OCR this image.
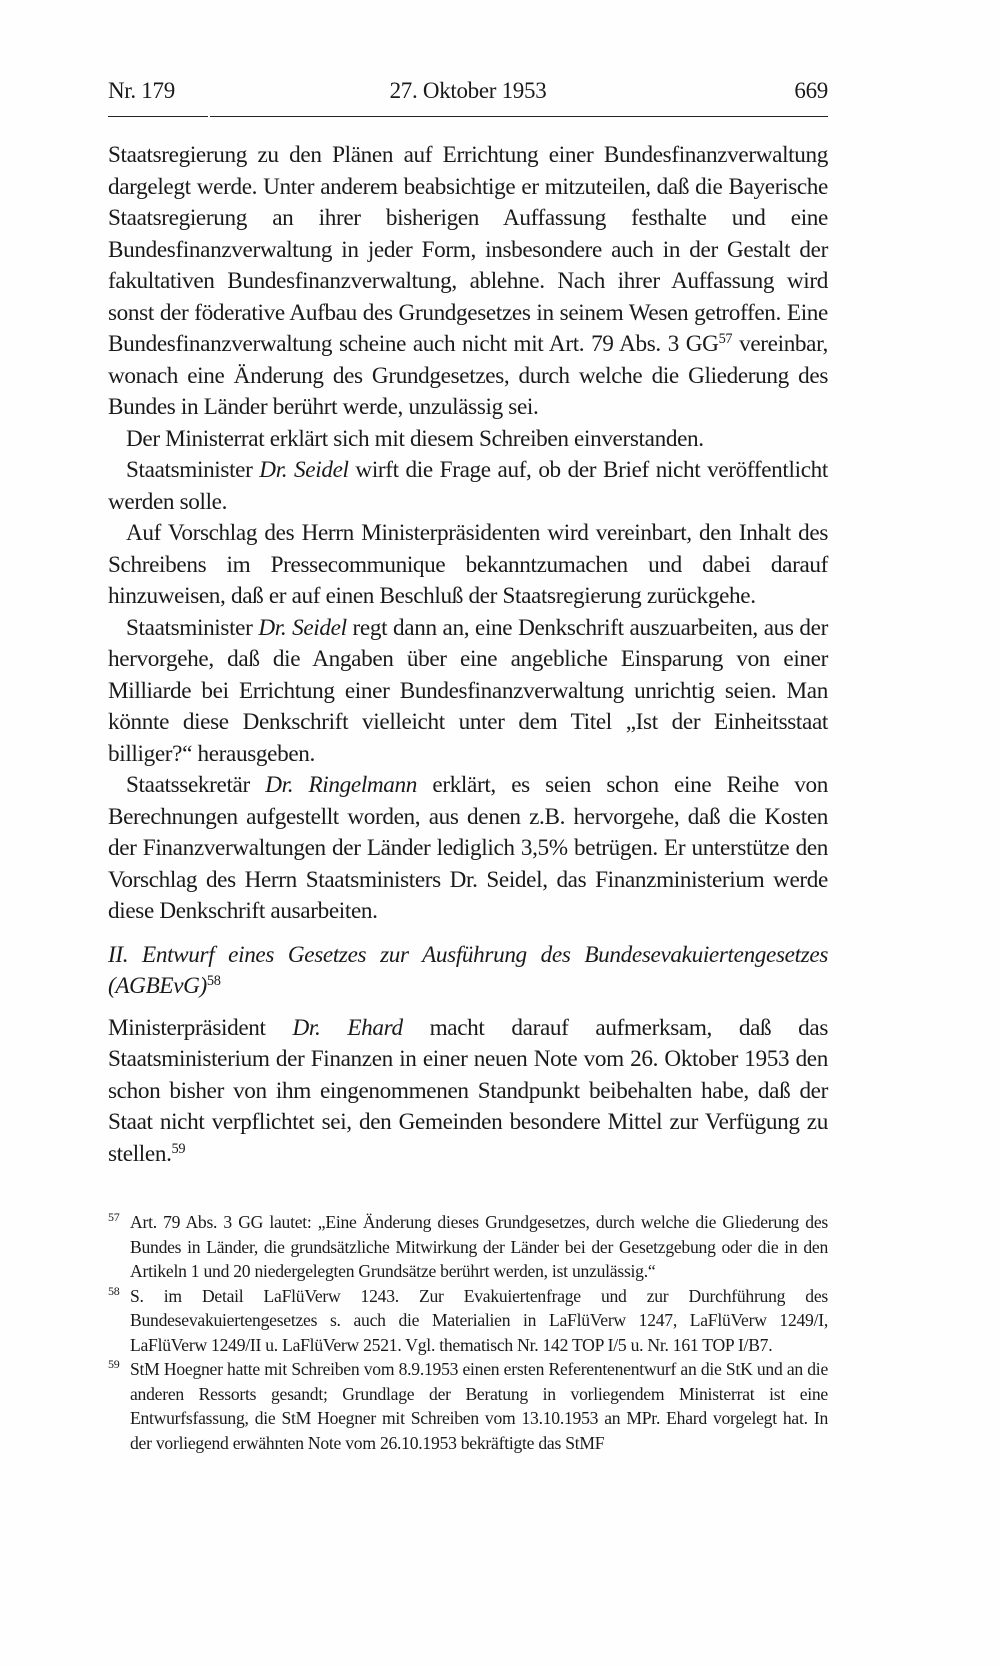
Nr. 179	27. Oktober 1953	669

Staatsregierung zu den Plänen auf Errichtung einer Bundesfinanzverwaltung dargelegt werde. Unter anderem beabsichtige er mitzuteilen, daß die Bayerische Staatsregierung an ihrer bisherigen Auffassung festhalte und eine Bundesfinanzverwaltung in jeder Form, insbesondere auch in der Gestalt der fakultativen Bundesfinanzverwaltung, ablehne. Nach ihrer Auffassung wird sonst der föderative Aufbau des Grundgesetzes in seinem Wesen getroffen. Eine Bundesfinanzverwaltung scheine auch nicht mit Art. 79 Abs. 3 GG$^{57}$ vereinbar, wonach eine Änderung des Grundgesetzes, durch welche die Gliederung des Bundes in Länder berührt werde, unzulässig sei.

Der Ministerrat erklärt sich mit diesem Schreiben einverstanden.

Staatsminister Dr. Seidel wirft die Frage auf, ob der Brief nicht veröffentlicht werden solle.

Auf Vorschlag des Herrn Ministerpräsidenten wird vereinbart, den Inhalt des Schreibens im Pressecommunique bekanntzumachen und dabei darauf hinzuweisen, daß er auf einen Beschluß der Staatsregierung zurückgehe.

Staatsminister Dr. Seidel regt dann an, eine Denkschrift auszuarbeiten, aus der hervorgehe, daß die Angaben über eine angebliche Einsparung von einer Milliarde bei Errichtung einer Bundesfinanzverwaltung unrichtig seien. Man könnte diese Denkschrift vielleicht unter dem Titel „Ist der Einheitsstaat billiger?“ herausgeben.

Staatssekretär Dr. Ringelmann erklärt, es seien schon eine Reihe von Berechnungen aufgestellt worden, aus denen z.B. hervorgehe, daß die Kosten der Finanzverwaltungen der Länder lediglich 3,5% betrügen. Er unterstütze den Vorschlag des Herrn Staatsministers Dr. Seidel, das Finanzministerium werde diese Denkschrift ausarbeiten.

II. Entwurf eines Gesetzes zur Ausführung des Bundesevakuiertengesetzes (AGBEvG)$^{58}$

Ministerpräsident Dr. Ehard macht darauf aufmerksam, daß das Staatsministerium der Finanzen in einer neuen Note vom 26. Oktober 1953 den schon bisher von ihm eingenommenen Standpunkt beibehalten habe, daß der Staat nicht verpflichtet sei, den Gemeinden besondere Mittel zur Verfügung zu stellen.$^{59}$

57 Art. 79 Abs. 3 GG lautet: „Eine Änderung dieses Grundgesetzes, durch welche die Gliederung des Bundes in Länder, die grundsätzliche Mitwirkung der Länder bei der Gesetzgebung oder die in den Artikeln 1 und 20 niedergelegten Grundsätze berührt werden, ist unzulässig.“

58 S. im Detail LaFlüVerw 1243. Zur Evakuiertenfrage und zur Durchführung des Bundesevakuiertengesetzes s. auch die Materialien in LaFlüVerw 1247, LaFlüVerw 1249/I, LaFlüVerw 1249/II u. LaFlüVerw 2521. Vgl. thematisch Nr. 142 TOP I/5 u. Nr. 161 TOP I/B7.

59 StM Hoegner hatte mit Schreiben vom 8.9.1953 einen ersten Referentenentwurf an die StK und an die anderen Ressorts gesandt; Grundlage der Beratung in vorliegendem Ministerrat ist eine Entwurfsfassung, die StM Hoegner mit Schreiben vom 13.10.1953 an MPr. Ehard vorgelegt hat. In der vorliegend erwähnten Note vom 26.10.1953 bekräftigte das StMF
